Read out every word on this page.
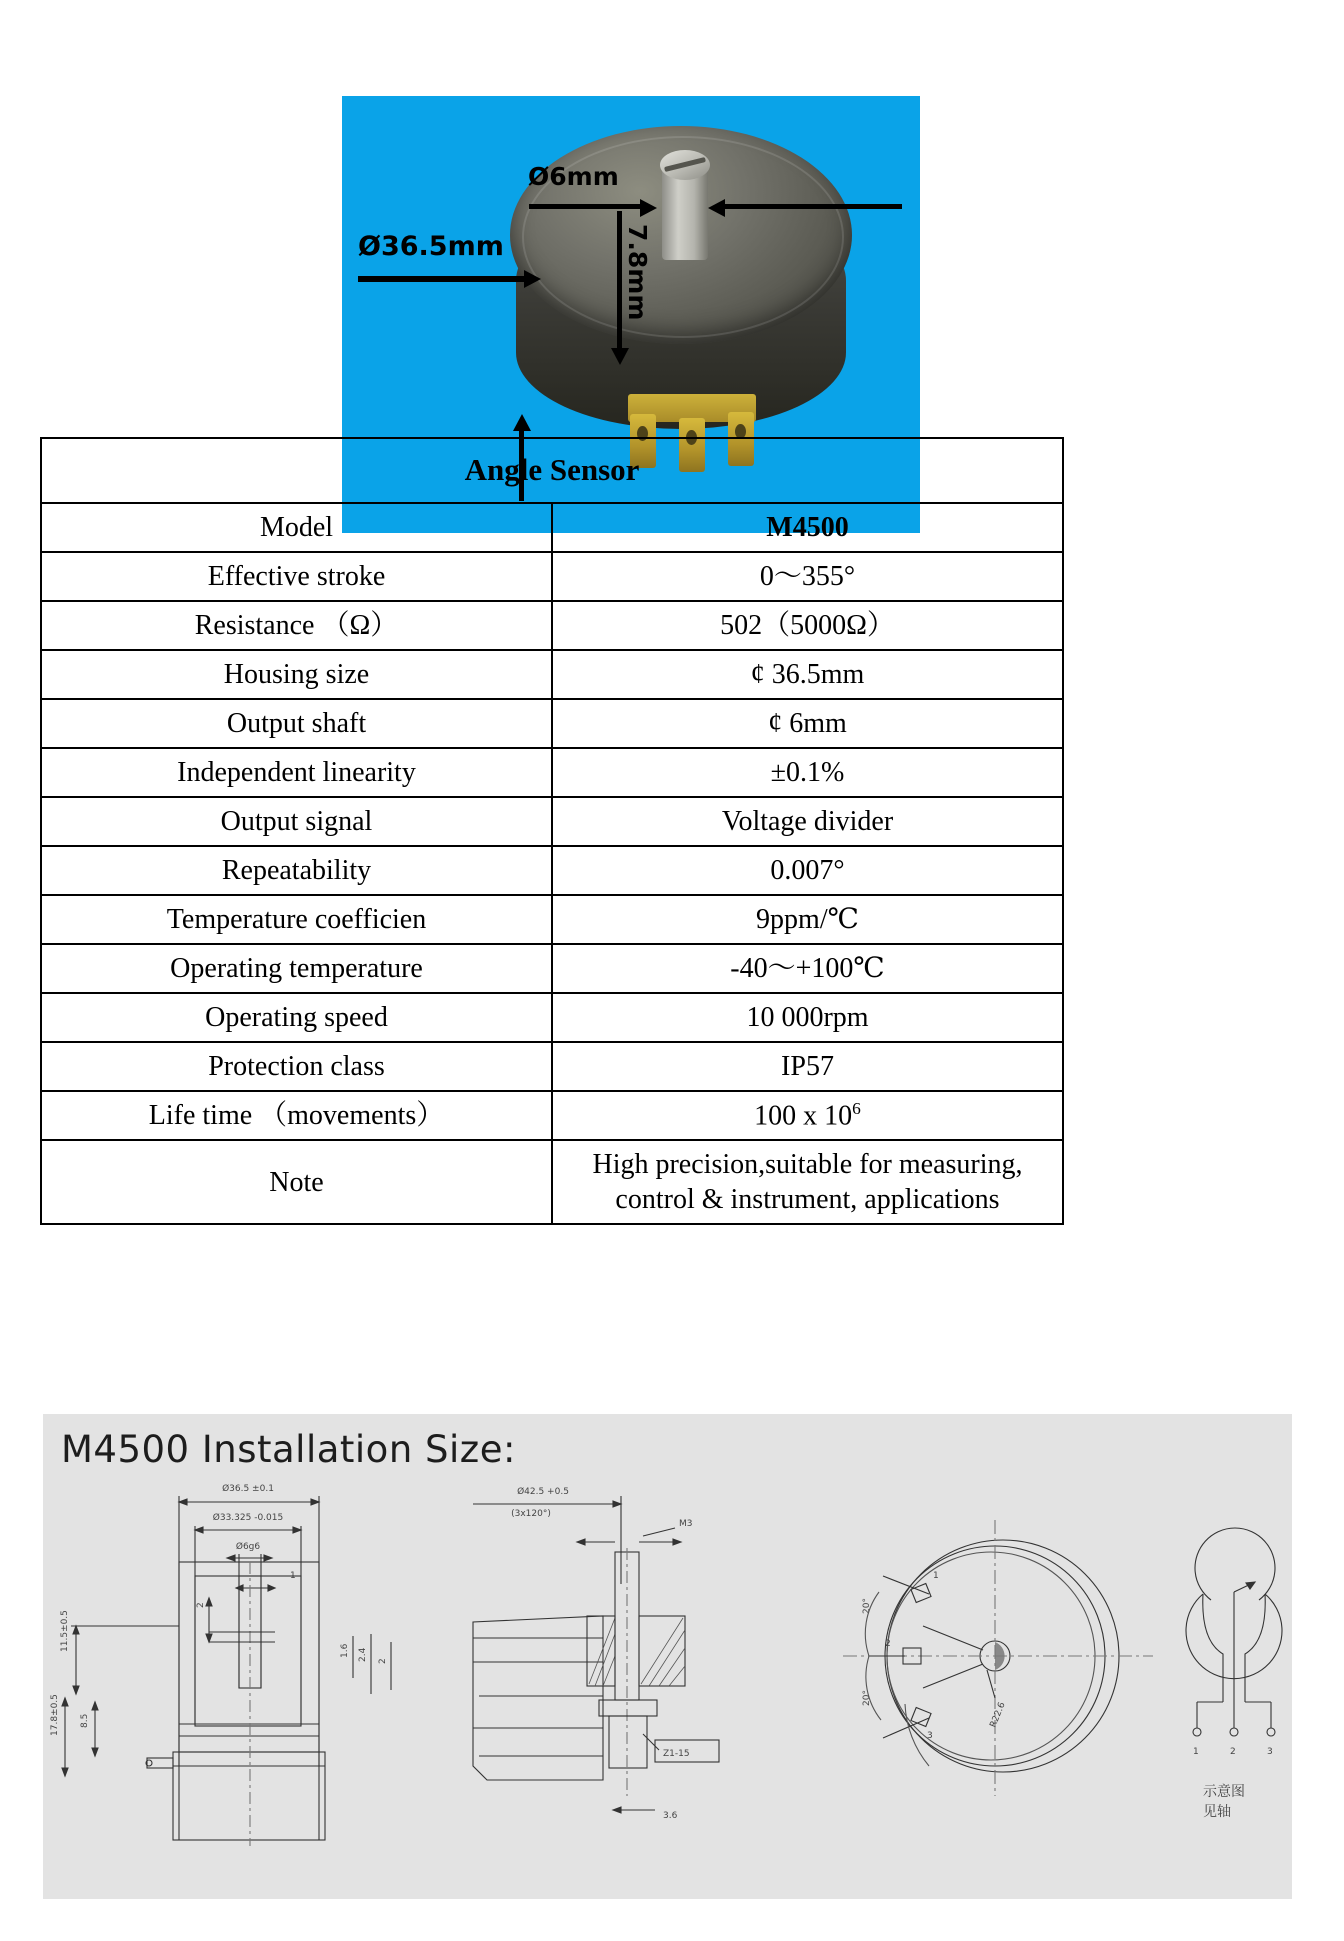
Ø36.5mm
Ø6mm
7.8mm
Angle Sensor	
Model	M4500
Effective stroke	0～355°
Resistance （Ω）	502（5000Ω）
Housing size	¢ 36.5mm
Output shaft	¢ 6mm
Independent linearity	±0.1%
Output signal	Voltage divider
Repeatability	0.007°
Temperature coefficien	9ppm/℃
Operating temperature	-40～+100℃
Operating speed	10 000rpm
Protection class	IP57
Life time （movements）	100 x $10^6$
Note	High precision,suitable for measuring,
control & instrument, applications
M4500 Installation Size:
Ø36.5 ±0.1
Ø33.325 -0.015
Ø6g6
1
2
11.5±0.5
17.8±0.5 8.5
1.6 2.4 2
Ø42.5 +0.5
(3x120°)
M3
Z1-15
3.6
1
2
3
20°
20°
R22.6
1	2	3
示意图
见轴
